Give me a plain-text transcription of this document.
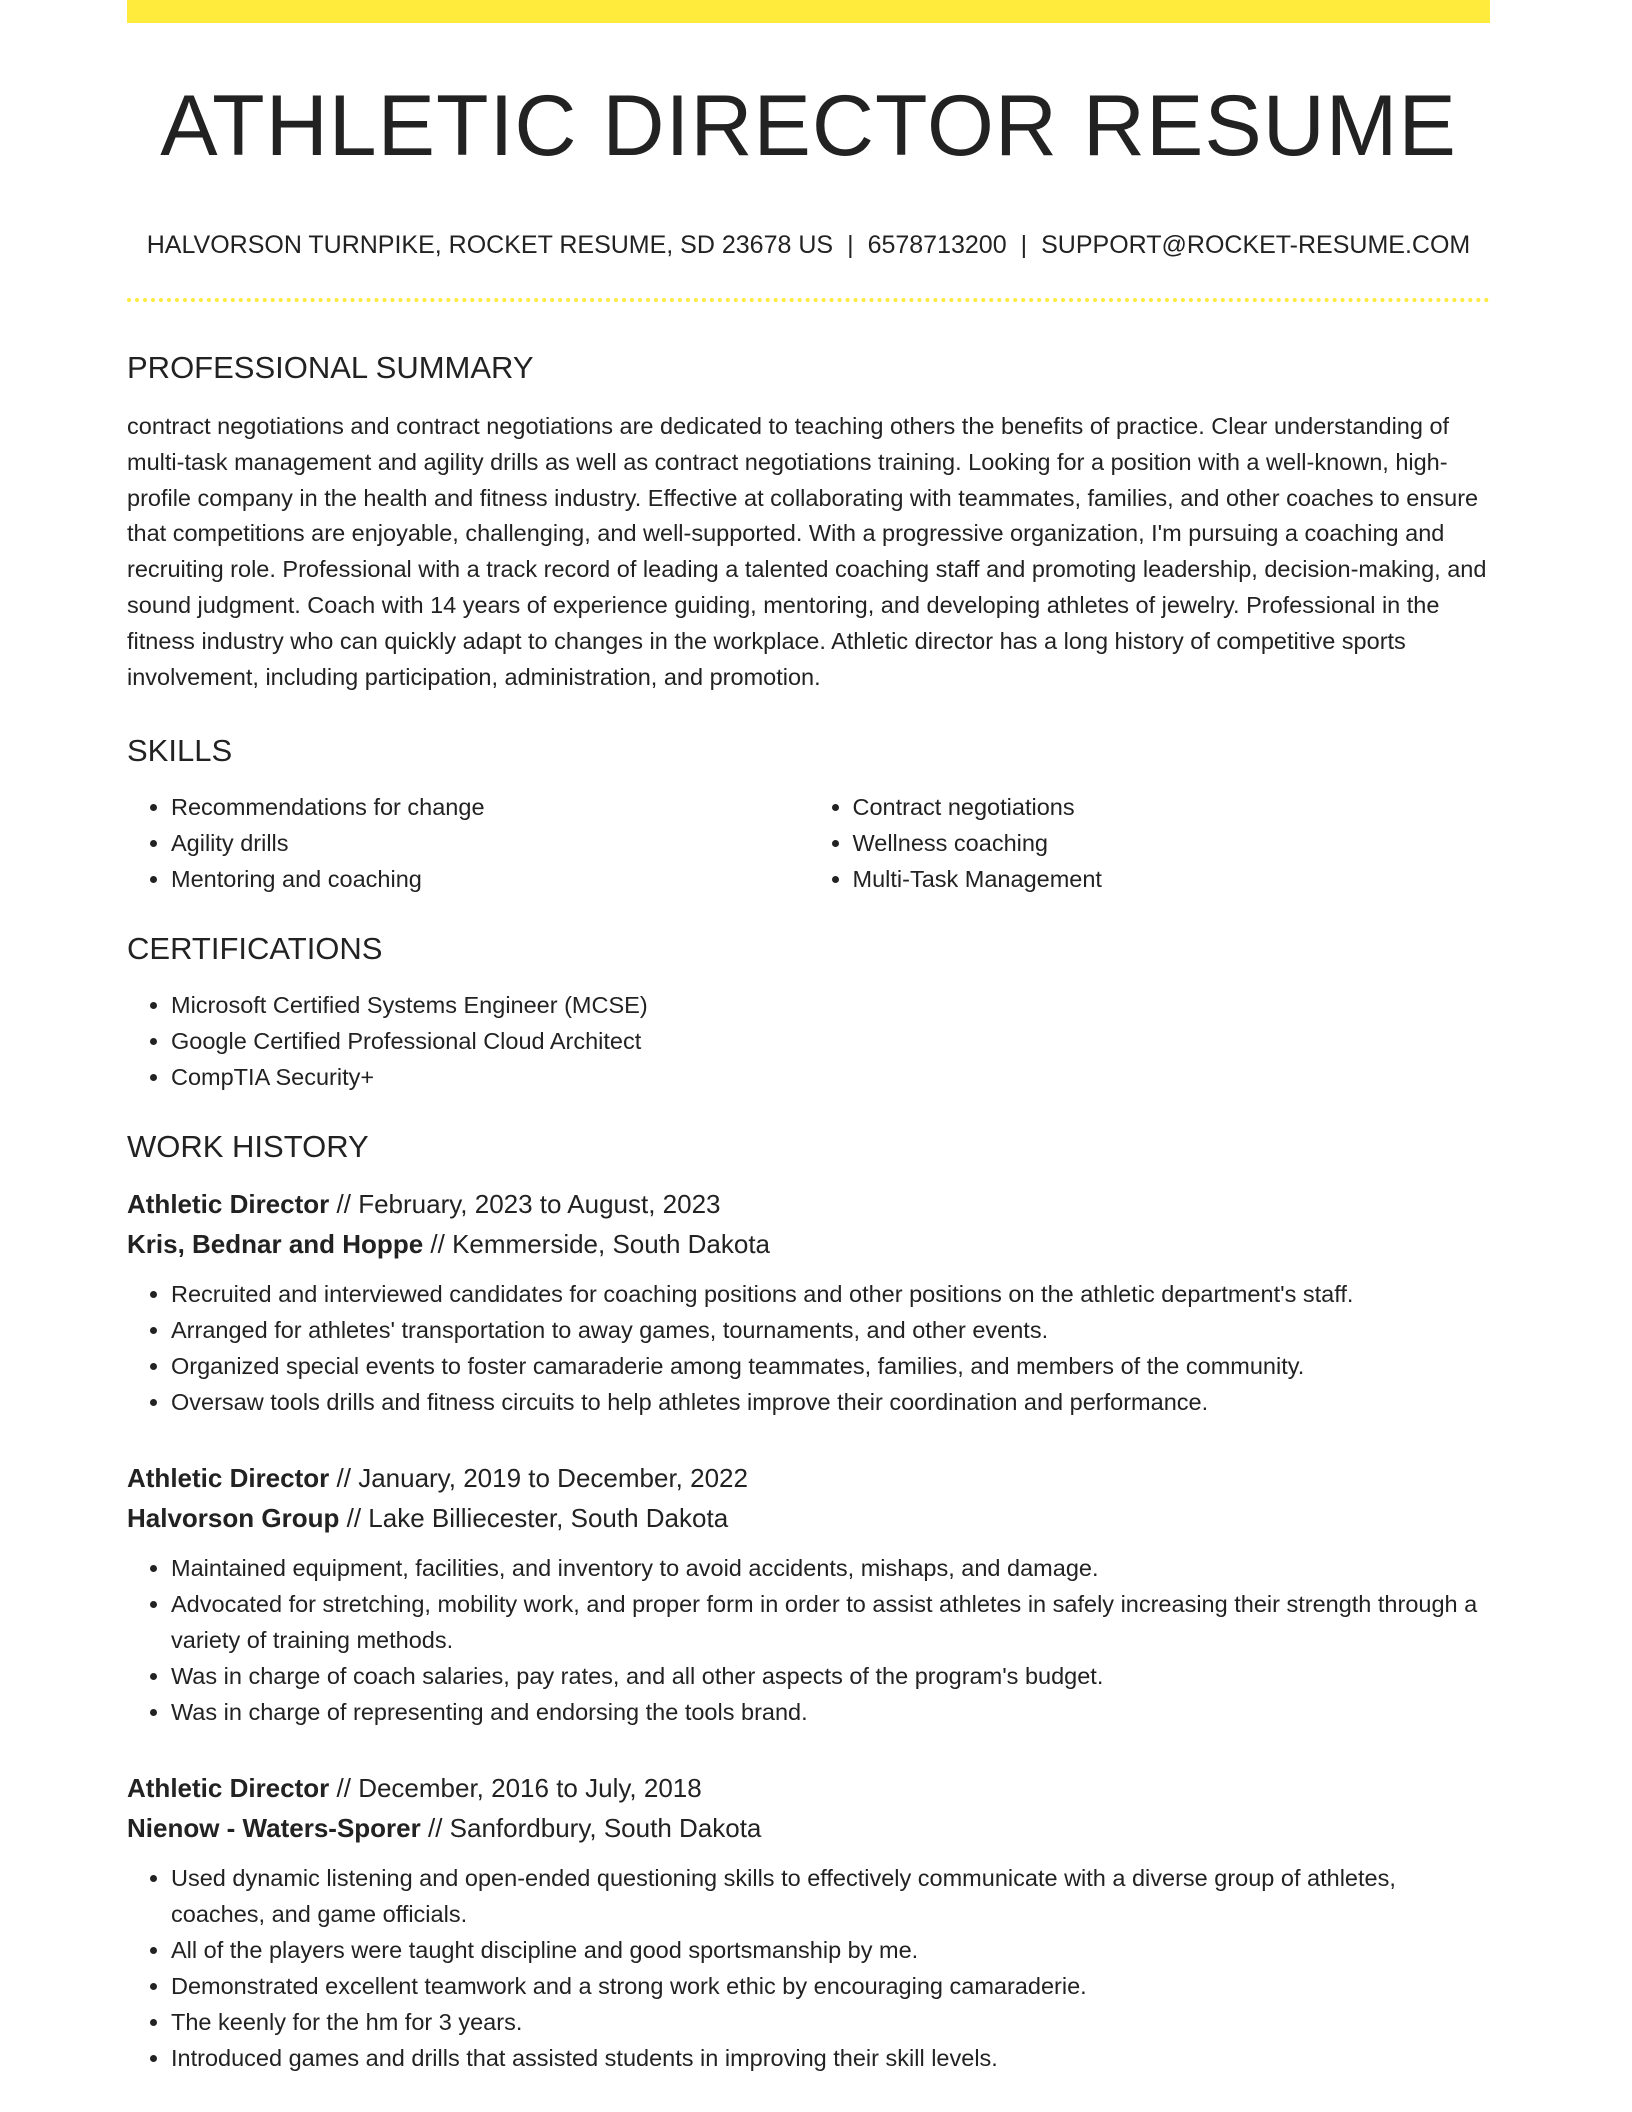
ATHLETIC DIRECTOR RESUME
HALVORSON TURNPIKE, ROCKET RESUME, SD 23678 US | 6578713200 | SUPPORT@ROCKET-RESUME.COM
PROFESSIONAL SUMMARY
contract negotiations and contract negotiations are dedicated to teaching others the benefits of practice. Clear understanding of multi-task management and agility drills as well as contract negotiations training. Looking for a position with a well-known, high-profile company in the health and fitness industry. Effective at collaborating with teammates, families, and other coaches to ensure that competitions are enjoyable, challenging, and well-supported. With a progressive organization, I'm pursuing a coaching and recruiting role. Professional with a track record of leading a talented coaching staff and promoting leadership, decision-making, and sound judgment. Coach with 14 years of experience guiding, mentoring, and developing athletes of jewelry. Professional in the fitness industry who can quickly adapt to changes in the workplace. Athletic director has a long history of competitive sports involvement, including participation, administration, and promotion.
SKILLS
• Recommendations for change
• Agility drills
• Mentoring and coaching
• Contract negotiations
• Wellness coaching
• Multi-Task Management
CERTIFICATIONS
• Microsoft Certified Systems Engineer (MCSE)
• Google Certified Professional Cloud Architect
• CompTIA Security+
WORK HISTORY
Athletic Director // February, 2023 to August, 2023
Kris, Bednar and Hoppe // Kemmerside, South Dakota
• Recruited and interviewed candidates for coaching positions and other positions on the athletic department's staff.
• Arranged for athletes' transportation to away games, tournaments, and other events.
• Organized special events to foster camaraderie among teammates, families, and members of the community.
• Oversaw tools drills and fitness circuits to help athletes improve their coordination and performance.
Athletic Director // January, 2019 to December, 2022
Halvorson Group // Lake Billiecester, South Dakota
• Maintained equipment, facilities, and inventory to avoid accidents, mishaps, and damage.
• Advocated for stretching, mobility work, and proper form in order to assist athletes in safely increasing their strength through a variety of training methods.
• Was in charge of coach salaries, pay rates, and all other aspects of the program's budget.
• Was in charge of representing and endorsing the tools brand.
Athletic Director // December, 2016 to July, 2018
Nienow - Waters-Sporer // Sanfordbury, South Dakota
• Used dynamic listening and open-ended questioning skills to effectively communicate with a diverse group of athletes, coaches, and game officials.
• All of the players were taught discipline and good sportsmanship by me.
• Demonstrated excellent teamwork and a strong work ethic by encouraging camaraderie.
• The keenly for the hm for 3 years.
• Introduced games and drills that assisted students in improving their skill levels.
